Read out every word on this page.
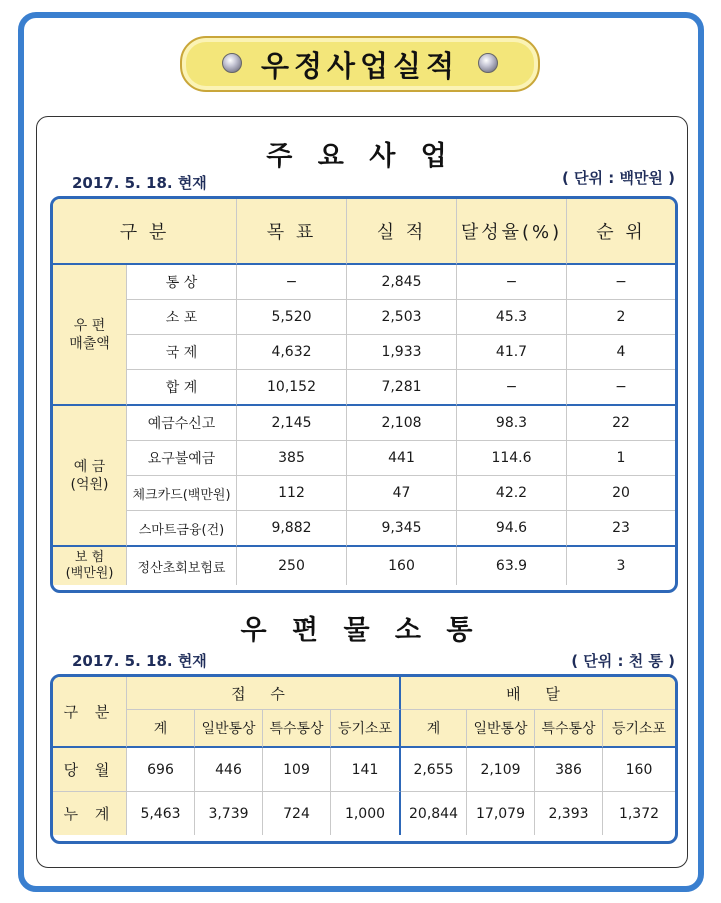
우정사업실적
주 요 사 업
2017. 5. 18. 현재	( 단위 : 백만원 )
구 분		목 표	실 적	달성율(%)	순 위
우 편
매출액	통 상	−	2,845	−	−
	소 포	5,520	2,503	45.3	2
	국 제	4,632	1,933	41.7	4
	합 계	10,152	7,281	−	−
예 금
(억원)	예금수신고	2,145	2,108	98.3	22
	요구불예금	385	441	114.6	1
	체크카드(백만원)	112	47	42.2	20
	스마트금융(건)	9,882	9,345	94.6	23
보 험
(백만원)	정산초회보험료	250	160	63.9	3
우 편 물 소 통
2017. 5. 18. 현재	( 단위 : 천 통 )
구 분	접 수				배 달			
	계	일반통상	특수통상	등기소포	계	일반통상	특수통상	등기소포
당 월	696	446	109	141	2,655	2,109	386	160
누 계	5,463	3,739	724	1,000	20,844	17,079	2,393	1,372
